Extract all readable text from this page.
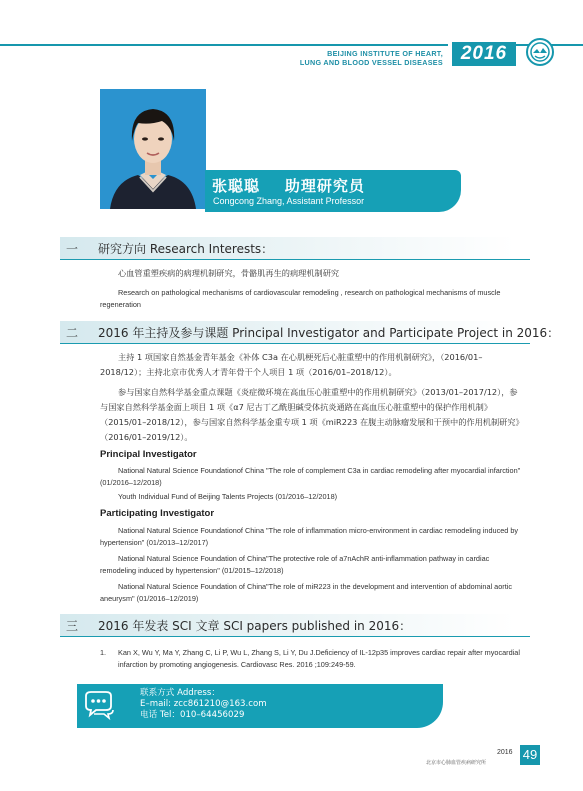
BEIJING INSTITUTE OF HEART,
LUNG AND BLOOD VESSEL DISEASES 2016
张聪聪    助理研究员
Congcong Zhang, Assistant Professor
一 研究方向 Research Interests：
心血管重塑疾病的病理机制研究，骨骼肌再生的病理机制研究
Research on pathological mechanisms of cardiovascular remodeling , research on pathological mechanisms of muscle regeneration
二 2016 年主持及参与课题 Principal Investigator and Participate Project in 2016：
主持 1 项国家自然基金青年基金《补体 C3a 在心肌梗死后心脏重塑中的作用机制研究》，（2016/01–2018/12）；主持北京市优秀人才青年骨干个人项目 1 项（2016/01–2018/12）。
参与国家自然科学基金重点课题《炎症微环境在高血压心脏重塑中的作用机制研究》（2013/01–2017/12），参与国家自然科学基金面上项目 1 项《α7 尼古丁乙酰胆碱受体抗炎通路在高血压心脏重塑中的保护作用机制》（2015/01–2018/12），参与国家自然科学基金重专项 1 项《miR223 在腹主动脉瘤发展和干预中的作用机制研究》（2016/01–2019/12）。
Principal Investigator
National Natural Science Foundationof China "The role of complement C3a in cardiac remodeling after myocardial infarction" (01/2016–12/2018)
Youth Individual Fund of Beijing Talents Projects (01/2016–12/2018)
Participating Investigator
National Natural Science Foundationof China "The role of inflammation micro-environment in cardiac remodeling induced by hypertension" (01/2013–12/2017)
National Natural Science Foundation of China"The protective role of a7nAchR anti-inflammation pathway in cardiac remodeling induced by hypertension" (01/2015–12/2018)
National Natural Science Foundation of China"The role of miR223 in the development and intervention of abdominal aortic aneurysm" (01/2016–12/2019)
三 2016 年发表 SCI 文章 SCI papers published in 2016：
1.	Kan X, Wu Y, Ma Y, Zhang C, Li P, Wu L, Zhang S, Li Y, Du J.Deficiency of IL-12p35 improves cardiac repair after myocardial infarction by promoting angiogenesis. Cardiovasc Res. 2016 ;109:249-59.
联系方式 Address：
E–mail: zcc861210@163.com
电话 Tel：010–64456029
2016
北京市心肺血管疾病研究所
49
